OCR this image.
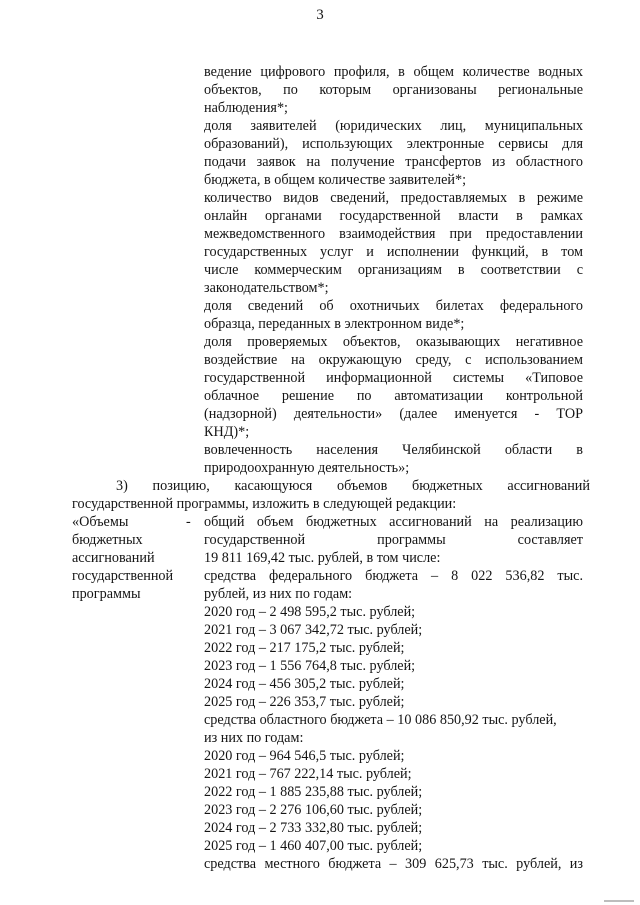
3
ведение цифрового профиля, в общем количестве водных
объектов, по которым организованы региональные
наблюдения*;
доля заявителей (юридических лиц, муниципальных
образований), использующих электронные сервисы для
подачи заявок на получение трансфертов из областного
бюджета, в общем количестве заявителей*;
количество видов сведений, предоставляемых в режиме
онлайн органами государственной власти в рамках
межведомственного взаимодействия при предоставлении
государственных услуг и исполнении функций, в том
числе коммерческим организациям в соответствии с
законодательством*;
доля сведений об охотничьих билетах федерального
образца, переданных в электронном виде*;
доля проверяемых объектов, оказывающих негативное
воздействие на окружающую среду, с использованием
государственной информационной системы «Типовое
облачное решение по автоматизации контрольной
(надзорной) деятельности» (далее именуется - ТОР
КНД)*;
вовлеченность населения Челябинской области в
природоохранную деятельность»;
3) позицию, касающуюся объемов бюджетных ассигнований
государственной программы, изложить в следующей редакции:
«Объемы
бюджетных
ассигнований
государственной
программы
- общий объем бюджетных ассигнований на реализацию
государственной программы составляет
19 811 169,42 тыс. рублей, в том числе:
средства федерального бюджета – 8 022 536,82 тыс.
рублей, из них по годам:
2020 год – 2 498 595,2 тыс. рублей;
2021 год – 3 067 342,72 тыс. рублей;
2022 год – 217 175,2 тыс. рублей;
2023 год – 1 556 764,8 тыс. рублей;
2024 год – 456 305,2 тыс. рублей;
2025 год – 226 353,7 тыс. рублей;
средства областного бюджета – 10 086 850,92 тыс. рублей,
из них по годам:
2020 год – 964 546,5 тыс. рублей;
2021 год – 767 222,14 тыс. рублей;
2022 год – 1 885 235,88 тыс. рублей;
2023 год – 2 276 106,60 тыс. рублей;
2024 год – 2 733 332,80 тыс. рублей;
2025 год – 1 460 407,00 тыс. рублей;
средства местного бюджета – 309 625,73 тыс. рублей, из
